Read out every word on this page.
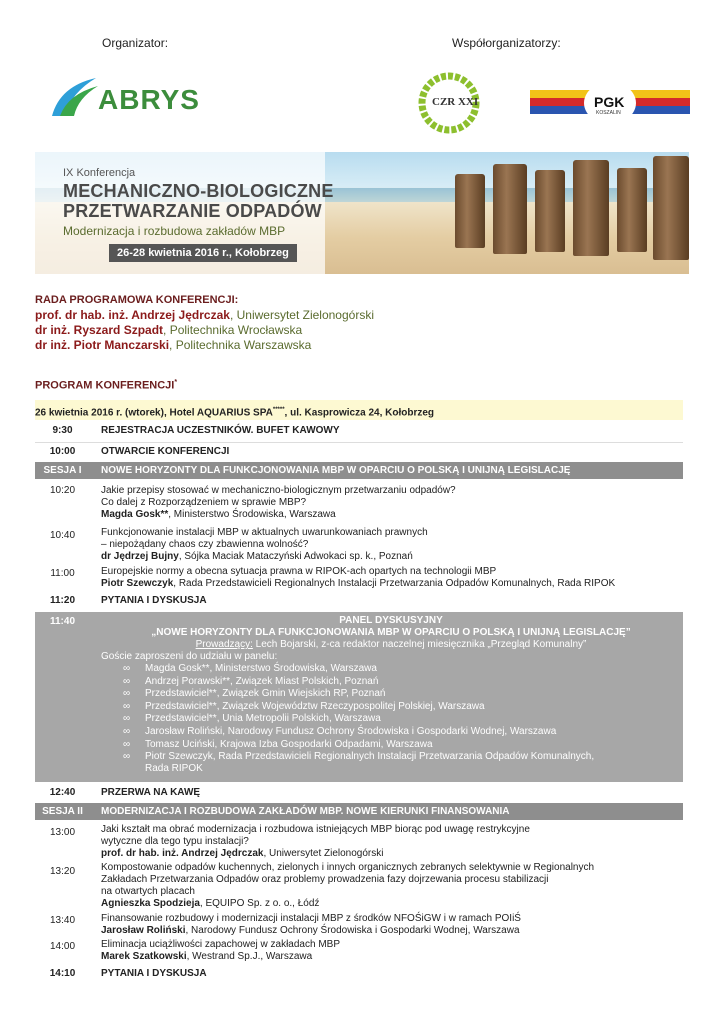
Organizator:	Współorganizatorzy:
ABRYS	CZR XXI	PGK
KOSZALIN
IX Konferencja
MECHANICZNO-BIOLOGICZNE
PRZETWARZANIE ODPADÓW
Modernizacja i rozbudowa zakładów MBP
26-28 kwietnia 2016 r., Kołobrzeg
RADA PROGRAMOWA KONFERENCJI:
prof. dr hab. inż. Andrzej Jędrczak, Uniwersytet Zielonogórski
dr inż. Ryszard Szpadt, Politechnika Wrocławska
dr inż. Piotr Manczarski, Politechnika Warszawska
PROGRAM KONFERENCJI*
26 kwietnia 2016 r. (wtorek), Hotel AQUARIUS SPA*****, ul. Kasprowicza 24, Kołobrzeg
9:30	REJESTRACJA UCZESTNIKÓW. BUFET KAWOWY
10:00	OTWARCIE KONFERENCJI
SESJA I	NOWE HORYZONTY DLA FUNKCJONOWANIA MBP W OPARCIU O POLSKĄ I UNIJNĄ LEGISLACJĘ
10:20	Jakie przepisy stosować w mechaniczno-biologicznym przetwarzaniu odpadów?
Co dalej z Rozporządzeniem w sprawie MBP?
Magda Gosk**, Ministerstwo Środowiska, Warszawa
10:40	Funkcjonowanie instalacji MBP w aktualnych uwarunkowaniach prawnych
– niepożądany chaos czy zbawienna wolność?
dr Jędrzej Bujny, Sójka Maciak Mataczyński Adwokaci sp. k., Poznań
11:00	Europejskie normy a obecna sytuacja prawna w RIPOK-ach opartych na technologii MBP
Piotr Szewczyk, Rada Przedstawicieli Regionalnych Instalacji Przetwarzania Odpadów Komunalnych, Rada RIPOK
11:20	PYTANIA I DYSKUSJA
11:40	PANEL DYSKUSYJNY
„NOWE HORYZONTY DLA FUNKCJONOWANIA MBP W OPARCIU O POLSKĄ I UNIJNĄ LEGISLACJĘ”
Prowadzący: Lech Bojarski, z-ca redaktor naczelnej miesięcznika „Przegląd Komunalny”
Goście zaproszeni do udziału w panelu:
∞ Magda Gosk**, Ministerstwo Środowiska, Warszawa
∞ Andrzej Porawski**, Związek Miast Polskich, Poznań
∞ Przedstawiciel**, Związek Gmin Wiejskich RP, Poznań
∞ Przedstawiciel**, Związek Województw Rzeczypospolitej Polskiej, Warszawa
∞ Przedstawiciel**, Unia Metropolii Polskich, Warszawa
∞ Jarosław Roliński, Narodowy Fundusz Ochrony Środowiska i Gospodarki Wodnej, Warszawa
∞ Tomasz Uciński, Krajowa Izba Gospodarki Odpadami, Warszawa
∞ Piotr Szewczyk, Rada Przedstawicieli Regionalnych Instalacji Przetwarzania Odpadów Komunalnych,
Rada RIPOK
12:40	PRZERWA NA KAWĘ
SESJA II	MODERNIZACJA I ROZBUDOWA ZAKŁADÓW MBP. NOWE KIERUNKI FINANSOWANIA
13:00	Jaki kształt ma obrać modernizacja i rozbudowa istniejących MBP biorąc pod uwagę restrykcyjne
wytyczne dla tego typu instalacji?
prof. dr hab. inż. Andrzej Jędrczak, Uniwersytet Zielonogórski
13:20	Kompostowanie odpadów kuchennych, zielonych i innych organicznych zebranych selektywnie w Regionalnych
Zakładach Przetwarzania Odpadów oraz problemy prowadzenia fazy dojrzewania procesu stabilizacji
na otwartych placach
Agnieszka Spodzieja, EQUIPO Sp. z o. o., Łódź
13:40	Finansowanie rozbudowy i modernizacji instalacji MBP z środków NFOŚiGW i w ramach POIiŚ
Jarosław Roliński, Narodowy Fundusz Ochrony Środowiska i Gospodarki Wodnej, Warszawa
14:00	Eliminacja uciążliwości zapachowej w zakładach MBP
Marek Szatkowski, Westrand Sp.J., Warszawa
14:10	PYTANIA I DYSKUSJA
